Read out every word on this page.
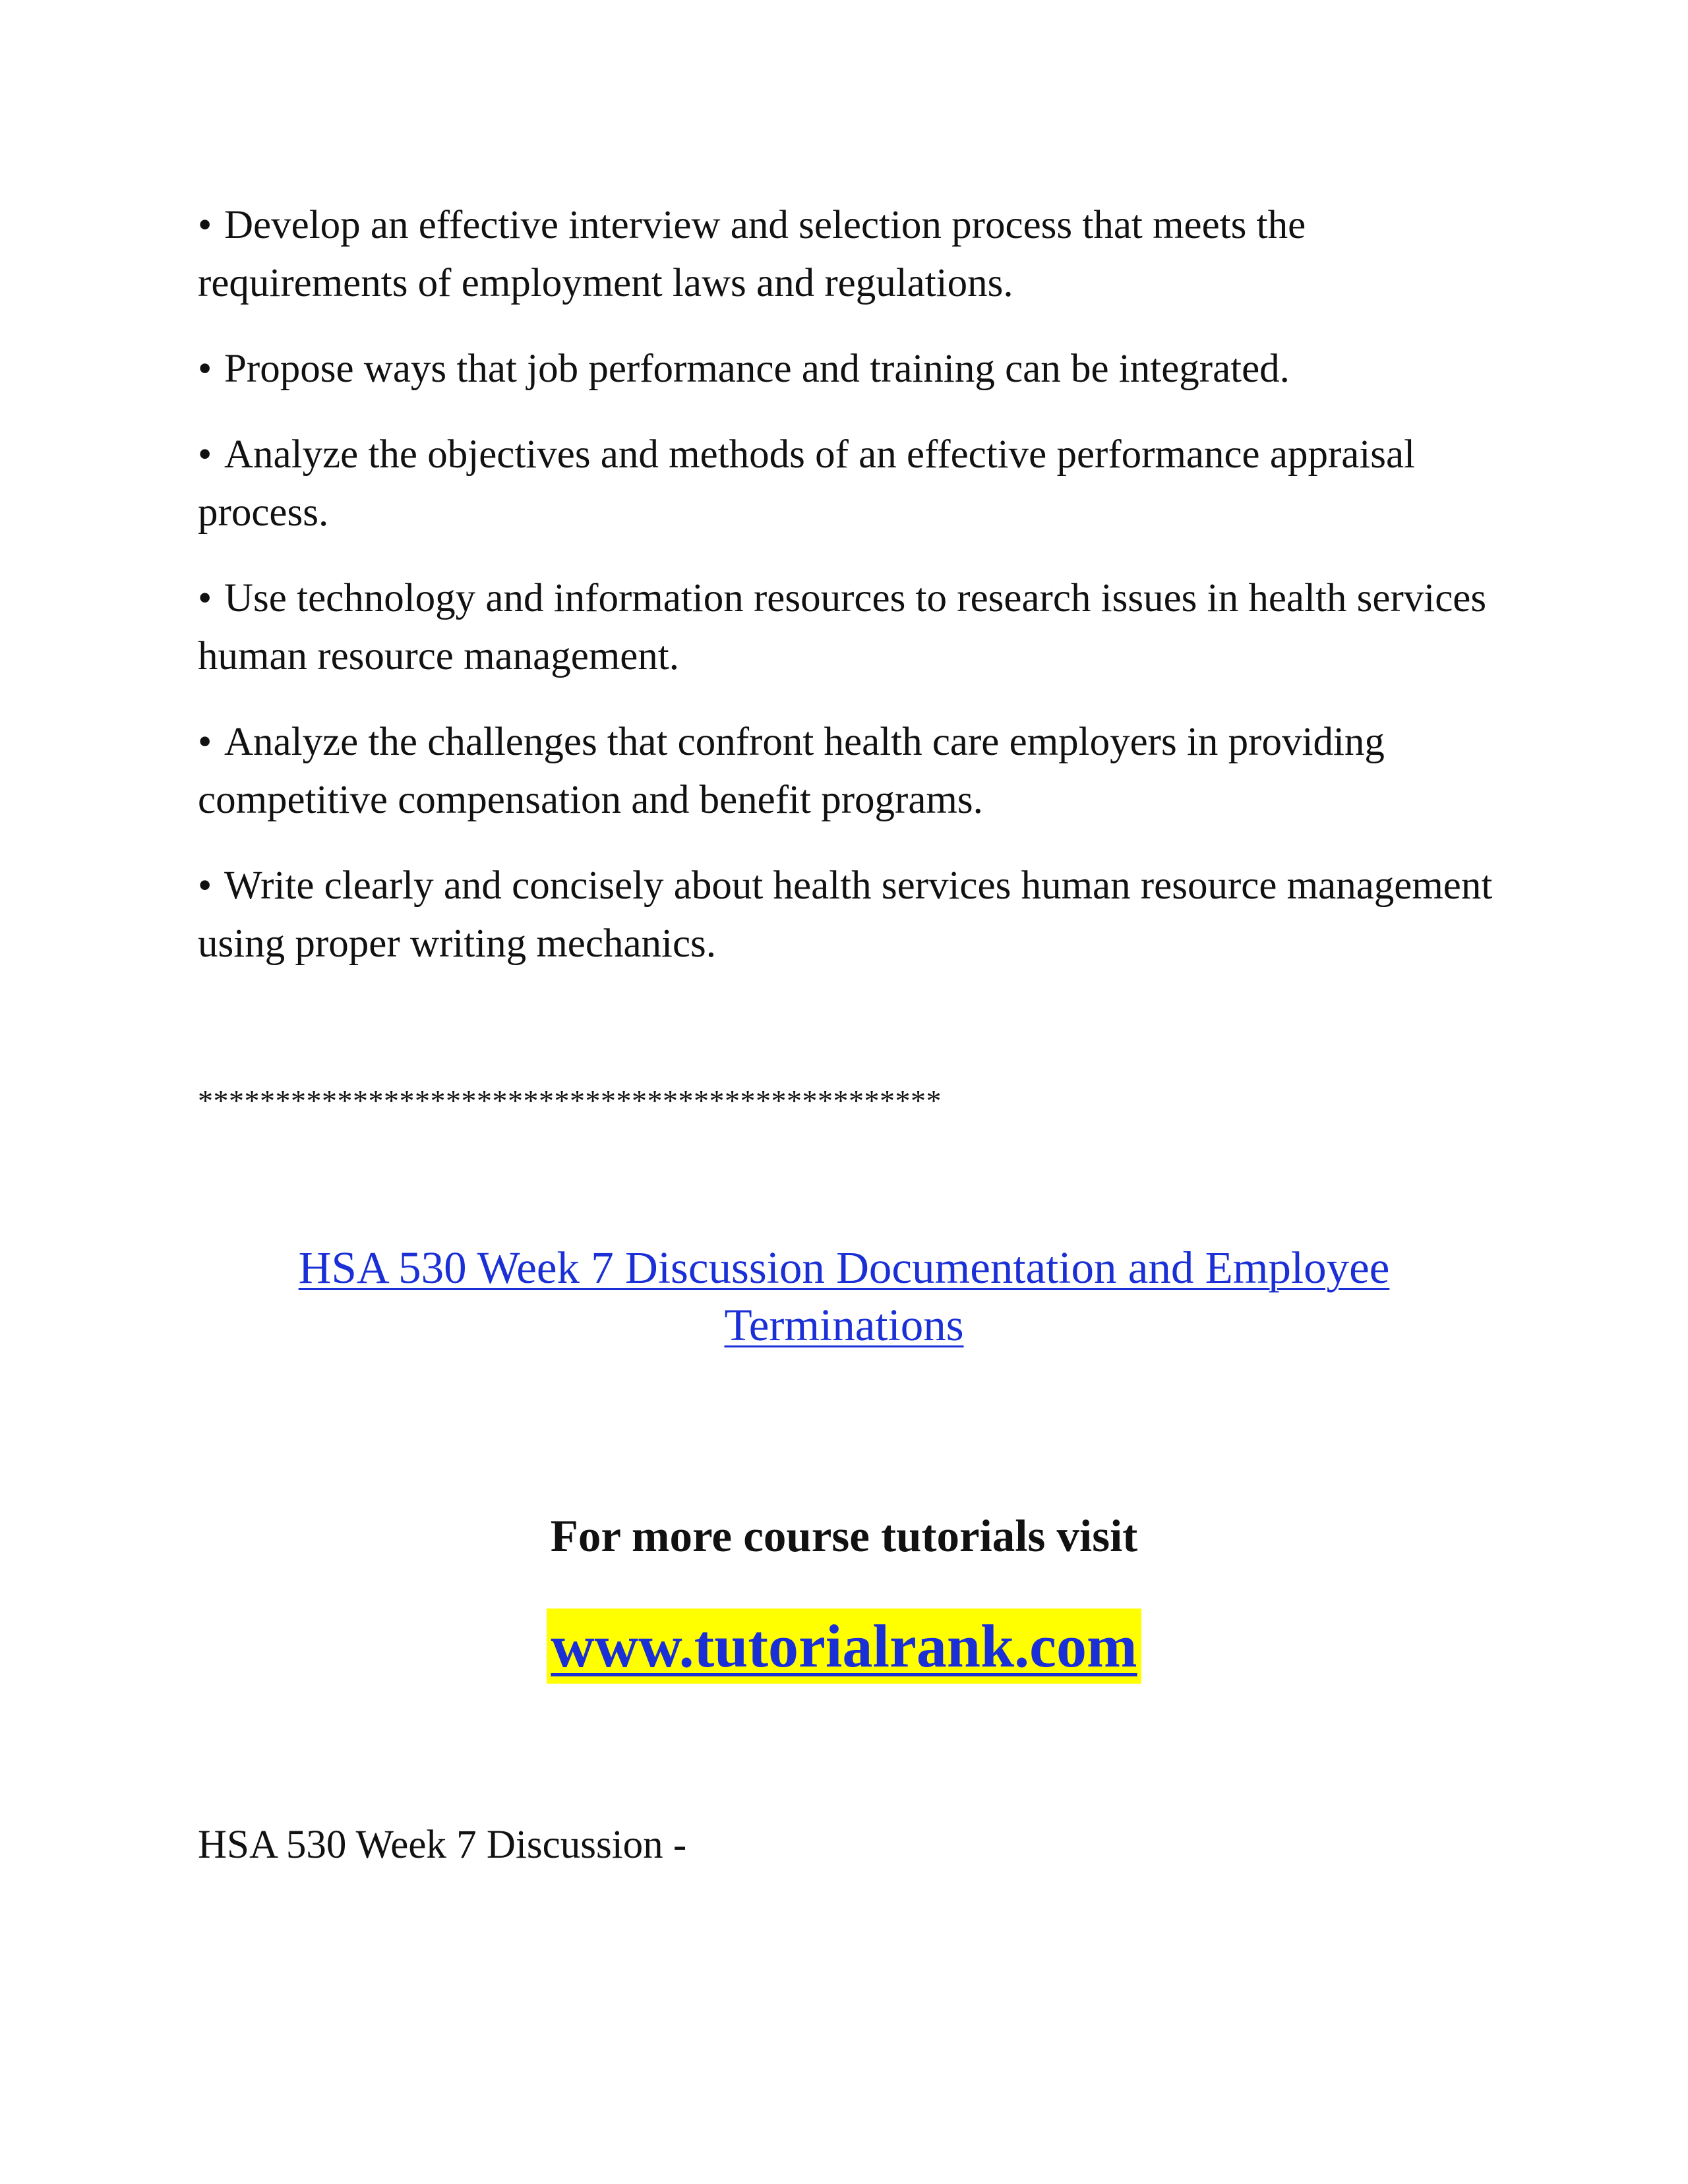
• Develop an effective interview and selection process that meets the requirements of employment laws and regulations.
• Propose ways that job performance and training can be integrated.
• Analyze the objectives and methods of an effective performance appraisal process.
• Use technology and information resources to research issues in health services human resource management.
• Analyze the challenges that confront health care employers in providing competitive compensation and benefit programs.
• Write clearly and concisely about health services human resource management using proper writing mechanics.
************************************************
HSA 530 Week 7 Discussion Documentation and Employee Terminations
For more course tutorials visit
www.tutorialrank.com
HSA 530 Week 7 Discussion -
